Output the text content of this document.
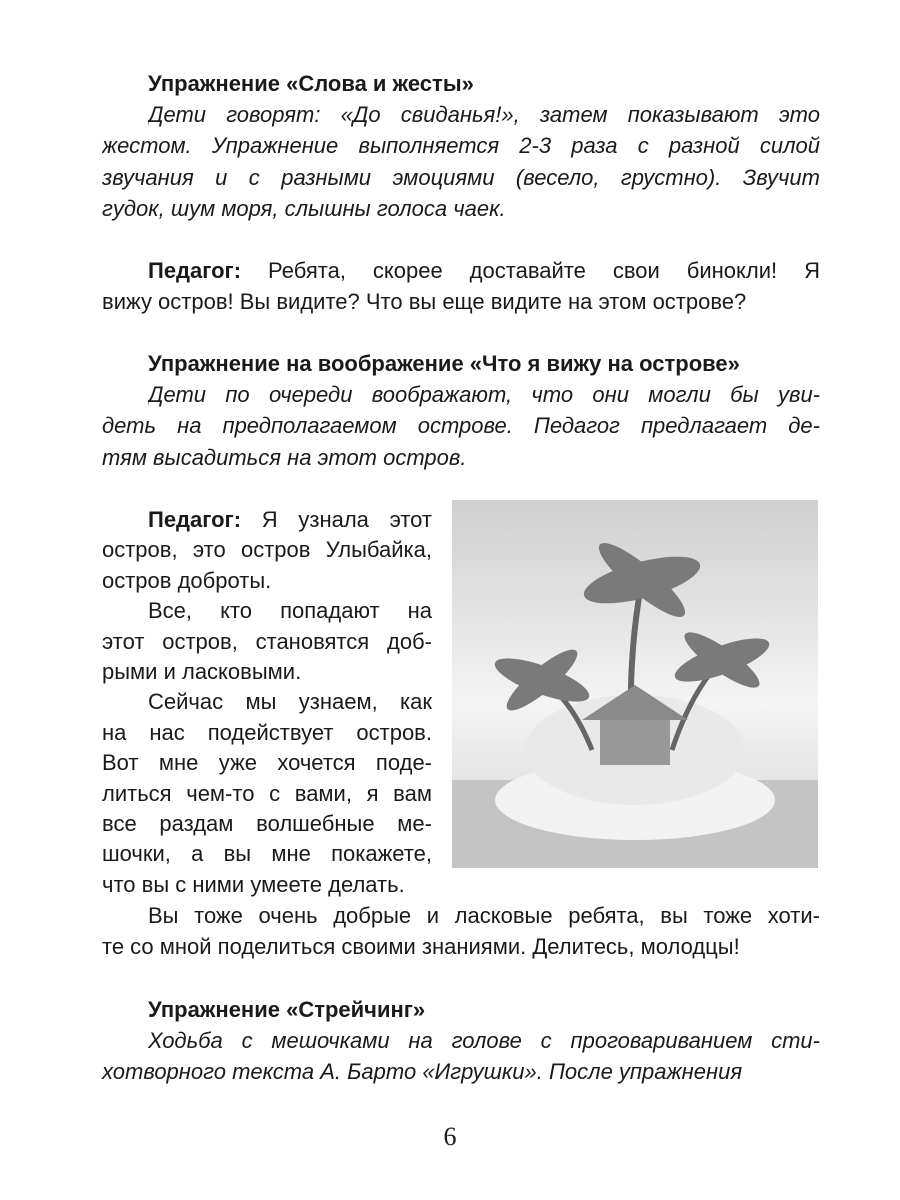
Упражнение «Слова и жесты»
Дети говорят: «До свиданья!», затем показывают это
жестом. Упражнение выполняется 2-3 раза с разной силой
звучания и с разными эмоциями (весело, грустно). Звучит
гудок, шум моря, слышны голоса чаек.
Педагог: Ребята, скорее доставайте свои бинокли! Я
вижу остров! Вы видите? Что вы еще видите на этом острове?
Упражнение на воображение «Что я вижу на острове»
Дети по очереди воображают, что они могли бы уви-
деть на предполагаемом острове. Педагог предлагает де-
тям высадиться на этот остров.
Педагог: Я узнала этот
остров, это остров Улыбайка,
остров доброты.
Все, кто попадают на
этот остров, становятся доб-
рыми и ласковыми.
Сейчас мы узнаем, как
на нас подействует остров.
Вот мне уже хочется поде-
литься чем-то с вами, я вам
все раздам волшебные ме-
шочки, а вы мне покажете,
что вы с ними умеете делать.
Вы тоже очень добрые и ласковые ребята, вы тоже хоти-
те со мной поделиться своими знаниями. Делитесь, молодцы!
Упражнение «Стрейчинг»
Ходьба с мешочками на голове с проговариванием сти-
хотворного текста А. Барто «Игрушки». После упражнения
6
